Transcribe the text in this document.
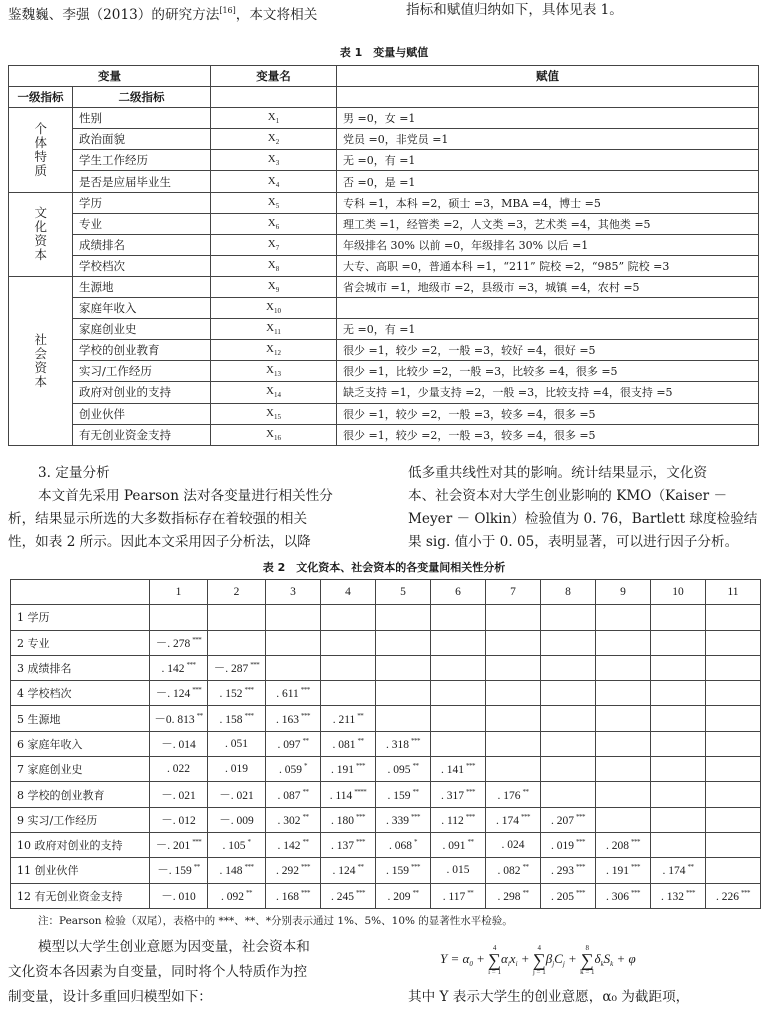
鉴魏巍、李强（2013）的研究方法[16]，本文将相关	指标和赋值归纳如下，具体见表 1。
表 1　变量与赋值
变量		变量名	赋值
一级指标	二级指标		
个体特质	性别	$X_1$	男 =0，女 =1
	政治面貌	$X_2$	党员 =0，非党员 =1
	学生工作经历	$X_3$	无 =0，有 =1
	是否是应届毕业生	$X_4$	否 =0，是 =1
文化资本	学历	$X_5$	专科 =1，本科 =2，硕士 =3，MBA =4，博士 =5
	专业	$X_6$	理工类 =1，经管类 =2，人文类 =3，艺术类 =4，其他类 =5
	成绩排名	$X_7$	年级排名 30% 以前 =0，年级排名 30% 以后 =1
	学校档次	$X_8$	大专、高职 =0，普通本科 =1，“211” 院校 =2，“985” 院校 =3
社会资本	生源地	$X_9$	省会城市 =1，地级市 =2，县级市 =3，城镇 =4，农村 =5
	家庭年收入	$X_{10}$	
	家庭创业史	$X_{11}$	无 =0，有 =1
	学校的创业教育	$X_{12}$	很少 =1，较少 =2，一般 =3，较好 =4，很好 =5
	实习/工作经历	$X_{13}$	很少 =1，比较少 =2，一般 =3，比较多 =4，很多 =5
	政府对创业的支持	$X_{14}$	缺乏支持 =1，少量支持 =2，一般 =3，比较支持 =4，很支持 =5
	创业伙伴	$X_{15}$	很少 =1，较少 =2，一般 =3，较多 =4，很多 =5
	有无创业资金支持	$X_{16}$	很少 =1，较少 =2，一般 =3，较多 =4，很多 =5
3. 定量分析
本文首先采用 Pearson 法对各变量进行相关性分
析，结果显示所选的大多数指标存在着较强的相关
性，如表 2 所示。因此本文采用因子分析法，以降
低多重共线性对其的影响。统计结果显示，文化资
本、社会资本对大学生创业影响的 KMO（Kaiser －
Meyer － Olkin）检验值为 0. 76，Bartlett 球度检验结
果 sig. 值小于 0. 05，表明显著，可以进行因子分析。
表 2　文化资本、社会资本的各变量间相关性分析
	1	2	3	4	5	6	7	8	9	10	11
1 学历											
2 专业	－. 278 ***										
3 成绩排名	. 142 ***	－. 287 ***									
4 学校档次	－. 124 ***	. 152 ***	. 611 ***								
5 生源地	－0. 813 **	. 158 ***	. 163 ***	. 211 **							
6 家庭年收入	－. 014	. 051	. 097 **	. 081 **	. 318 ***						
7 家庭创业史	. 022	. 019	. 059 *	. 191 ***	. 095 **	. 141 ***					
8 学校的创业教育	－. 021	－. 021	. 087 **	. 114 ****	. 159 **	. 317 ***	. 176 **				
9 实习/工作经历	－. 012	－. 009	. 302 **	. 180 ***	. 339 ***	. 112 ***	. 174 ***	. 207 ***			
10 政府对创业的支持	－. 201 ***	. 105 *	. 142 **	. 137 ***	. 068 *	. 091 **	. 024	. 019 ***	. 208 ***		
11 创业伙伴	－. 159 **	. 148 ***	. 292 ***	. 124 **	. 159 ***	. 015	. 082 **	. 293 ***	. 191 ***	. 174 **	
12 有无创业资金支持	－. 010	. 092 **	. 168 ***	. 245 ***	. 209 **	. 117 **	. 298 **	. 205 ***	. 306 ***	. 132 ***	. 226 ***
注：Pearson 检验（双尾），表格中的 ***、**、*分别表示通过 1%、5%、10% 的显著性水平检验。
模型以大学生创业意愿为因变量，社会资本和
文化资本各因素为自变量，同时将个人特质作为控
制变量，设计多重回归模型如下：
$Y = \alpha_0$ +
4
∑
i = 1
$\alpha_ix_i$ +
4
∑
j = 1
$\beta_jC_j$ +
8
∑
k = 1
$\delta_kS_k + \varphi$
其中 Y 表示大学生的创业意愿，α₀ 为截距项，
